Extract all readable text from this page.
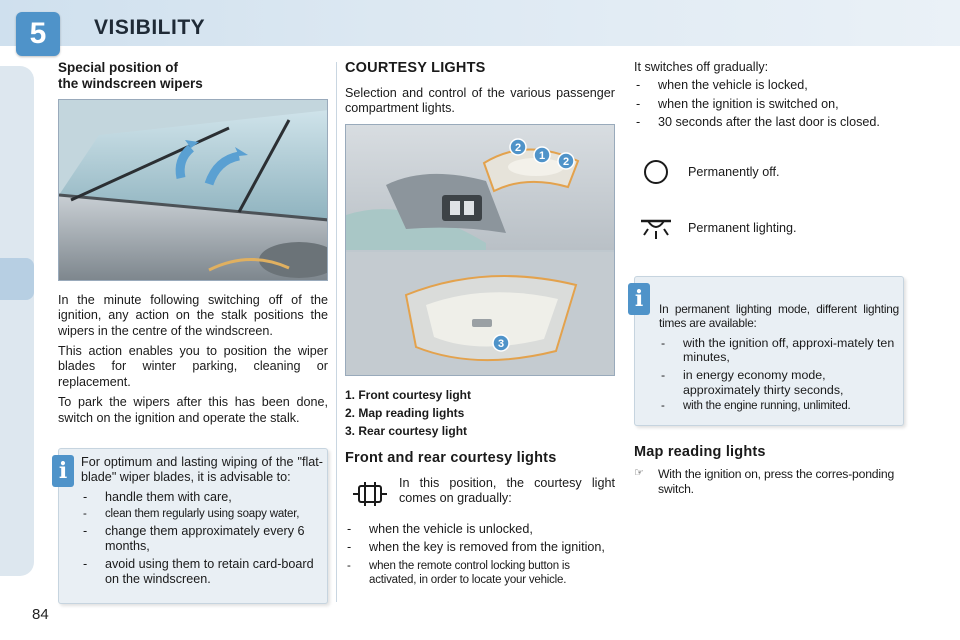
5	VISIBILITY
Special position of
the windscreen wipers

In the minute following switching off of the ignition, any action on the stalk positions the wipers in the centre of the windscreen.

This action enables you to position the wiper blades for winter parking, cleaning or replacement.

To park the wipers after this has been done, switch on the ignition and operate the stalk.

For optimum and lasting wiping of the "flat-blade" wiper blades, it is advisable to:

- handle them with care,
- clean them regularly using soapy water,
- change them approximately every 6 months,
- avoid using them to retain card-board on the windscreen.
i
COURTESY LIGHTS

Selection and control of the various passenger compartment lights.

2
1 2
3
1. Front courtesy light
2. Map reading lights
3. Rear courtesy light
Front and rear courtesy lights

In this position, the courtesy light comes on gradually:

- when the vehicle is unlocked,
- when the key is removed from the ignition,
- when the remote control locking button is activated, in order to locate your vehicle.

It switches off gradually:

- when the vehicle is locked,
- when the ignition is switched on,
- 30 seconds after the last door is closed.
Permanently off.
Permanent lighting.

In permanent lighting mode, different lighting times are available:

- with the ignition off, approxi-mately ten minutes,
- in energy economy mode, approximately thirty seconds,
- with the engine running, unlimited.
i
Map reading lights
☞	With the ignition on, press the corres-ponding switch.
84
